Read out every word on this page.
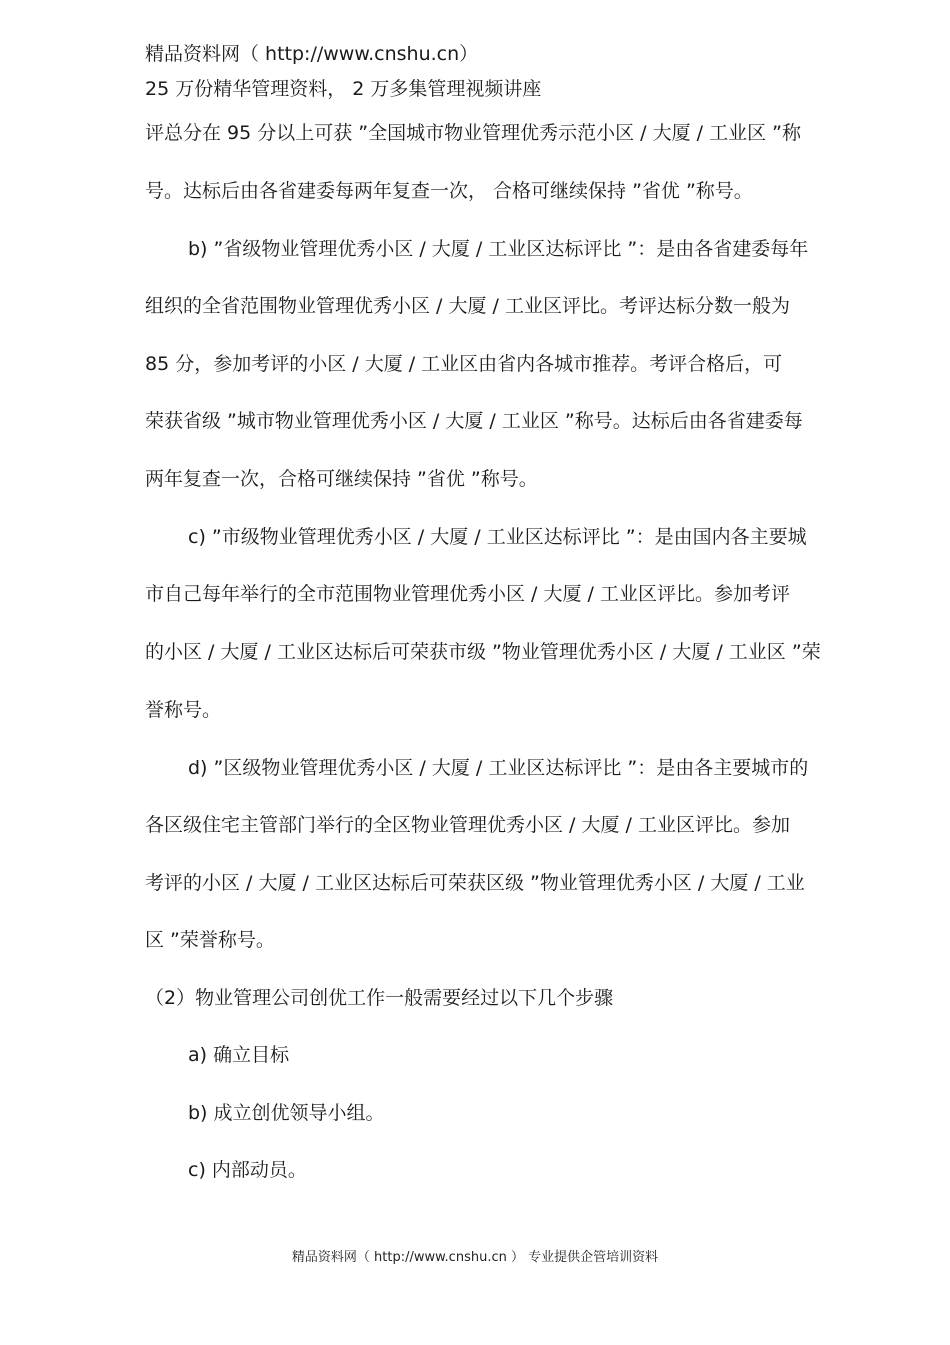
精品资料网（ http://www.cnshu.cn）
25 万份精华管理资料， 2 万多集管理视频讲座
评总分在 95 分以上可获 ”全国城市物业管理优秀示范小区 / 大厦 / 工业区 ”称
号。达标后由各省建委每两年复查一次， 合格可继续保持 ”省优 ”称号。
b) ”省级物业管理优秀小区 / 大厦 / 工业区达标评比 ”：是由各省建委每年
组织的全省范围物业管理优秀小区 / 大厦 / 工业区评比。考评达标分数一般为
85 分，参加考评的小区 / 大厦 / 工业区由省内各城市推荐。考评合格后，可
荣获省级 ”城市物业管理优秀小区 / 大厦 / 工业区 ”称号。达标后由各省建委每
两年复查一次，合格可继续保持 ”省优 ”称号。
c) ”市级物业管理优秀小区 / 大厦 / 工业区达标评比 ”：是由国内各主要城
市自己每年举行的全市范围物业管理优秀小区 / 大厦 / 工业区评比。参加考评
的小区 / 大厦 / 工业区达标后可荣获市级 ”物业管理优秀小区 / 大厦 / 工业区 ”荣
誉称号。
d) ”区级物业管理优秀小区 / 大厦 / 工业区达标评比 ”：是由各主要城市的
各区级住宅主管部门举行的全区物业管理优秀小区 / 大厦 / 工业区评比。参加
考评的小区 / 大厦 / 工业区达标后可荣获区级 ”物业管理优秀小区 / 大厦 / 工业
区 ”荣誉称号。
（2）物业管理公司创优工作一般需要经过以下几个步骤
a) 确立目标
b) 成立创优领导小组。
c) 内部动员。
精品资料网（ http://www.cnshu.cn ） 专业提供企管培训资料
